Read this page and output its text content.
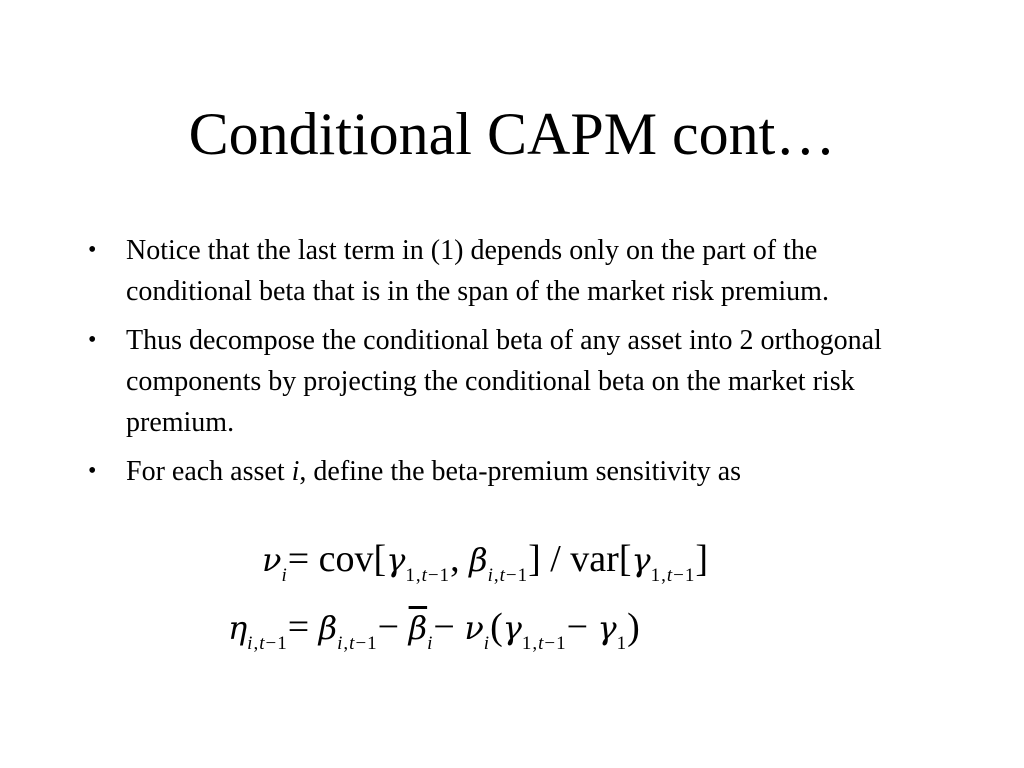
Conditional CAPM cont…
• Notice that the last term in (1) depends only on the part of the conditional beta that is in the span of the market risk premium.
• Thus decompose the conditional beta of any asset into 2 orthogonal components by projecting the conditional beta on the market risk premium.
• For each asset i, define the beta-premium sensitivity as
$\nu_i= cov[\gamma_{1,t-1}$, $\beta_{i,t-1}] / var[\gamma_{1,t-1}]$
$\eta_{i,t-1}= \beta_{i,t-1}- \overline{\beta}_i- \nu_i(\gamma_{1,t-1}- \gamma_1)$
